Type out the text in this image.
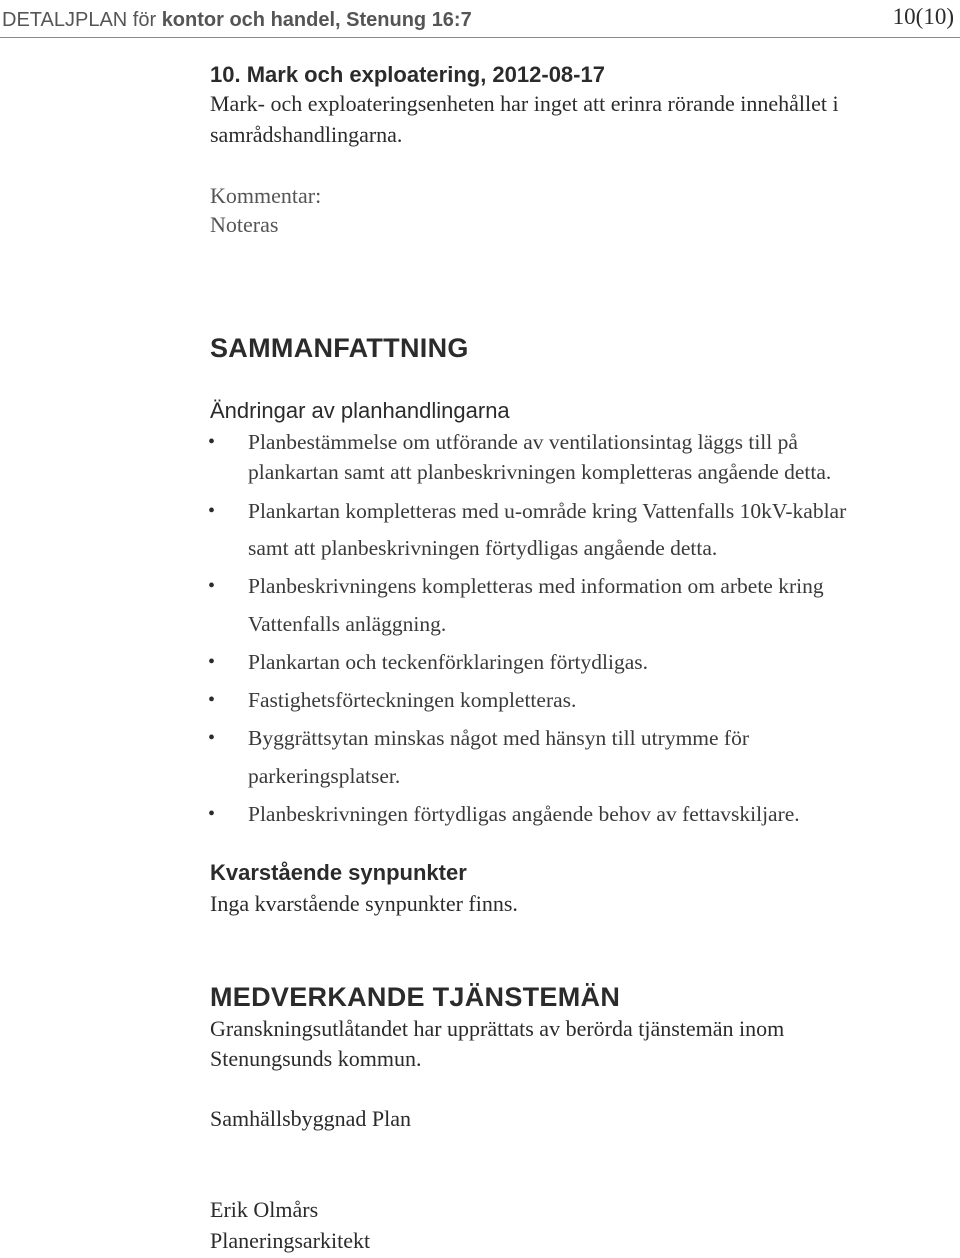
DETALJPLAN för kontor och handel, Stenung 16:7	10(10)
10. Mark och exploatering, 2012-08-17
Mark- och exploateringsenheten har inget att erinra rörande innehållet i
samrådshandlingarna.
Kommentar:
Noteras
SAMMANFATTNING
Ändringar av planhandlingarna
• Planbestämmelse om utförande av ventilationsintag läggs till på
plankartan samt att planbeskrivningen kompletteras angående detta.
• Plankartan kompletteras med u-område kring Vattenfalls 10kV-kablar
samt att planbeskrivningen förtydligas angående detta.
• Planbeskrivningens kompletteras med information om arbete kring
Vattenfalls anläggning.
• Plankartan och teckenförklaringen förtydligas.
• Fastighetsförteckningen kompletteras.
• Byggrättsytan minskas något med hänsyn till utrymme för
parkeringsplatser.
• Planbeskrivningen förtydligas angående behov av fettavskiljare.
Kvarstående synpunkter
Inga kvarstående synpunkter finns.
MEDVERKANDE TJÄNSTEMÄN
Granskningsutlåtandet har upprättats av berörda tjänstemän inom
Stenungsunds kommun.
Samhällsbyggnad Plan
Erik Olmårs
Planeringsarkitekt
